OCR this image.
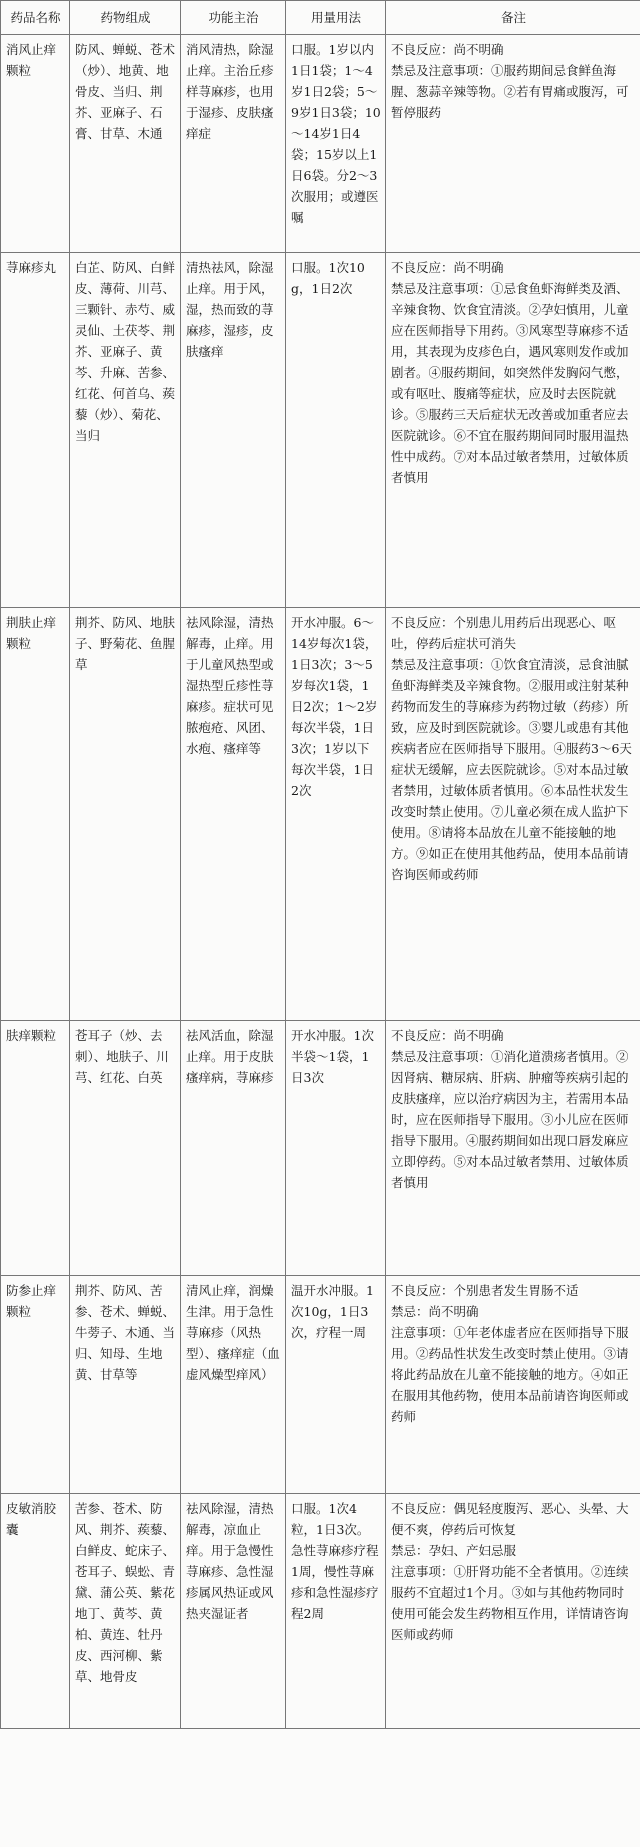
药品名称	药物组成	功能主治	用量用法	备注
消风止痒颗粒	防风、蝉蜕、苍术（炒）、地黄、地骨皮、当归、荆芥、亚麻子、石膏、甘草、木通	消风清热，除湿止痒。主治丘疹样荨麻疹，也用于湿疹、皮肤瘙痒症	口服。1岁以内1日1袋；1～4岁1日2袋；5～9岁1日3袋；10～14岁1日4袋；15岁以上1日6袋。分2～3次服用；或遵医嘱	不良反应：尚不明确
禁忌及注意事项：①服药期间忌食鲜鱼海腥、葱蒜辛辣等物。②若有胃痛或腹泻，可暂停服药
荨麻疹丸	白芷、防风、白鲜皮、薄荷、川芎、三颗针、赤芍、威灵仙、土茯苓、荆芥、亚麻子、黄芩、升麻、苦参、红花、何首乌、蒺藜（炒）、菊花、当归	清热祛风，除湿止痒。用于风，湿，热而致的荨麻疹，湿疹，皮肤瘙痒	口服。1次10g，1日2次	不良反应：尚不明确
禁忌及注意事项：①忌食鱼虾海鲜类及酒、辛辣食物、饮食宜清淡。②孕妇慎用，儿童应在医师指导下用药。③风寒型荨麻疹不适用，其表现为皮疹色白，遇风寒则发作或加剧者。④服药期间，如突然伴发胸闷气憋，或有呕吐、腹痛等症状，应及时去医院就诊。⑤服药三天后症状无改善或加重者应去医院就诊。⑥不宜在服药期间同时服用温热性中成药。⑦对本品过敏者禁用，过敏体质者慎用
荆肤止痒颗粒	荆芥、防风、地肤子、野菊花、鱼腥草	祛风除湿，清热解毒，止痒。用于儿童风热型或湿热型丘疹性荨麻疹。症状可见脓疱疮、风团、水疱、瘙痒等	开水冲服。6～14岁每次1袋，1日3次；3～5岁每次1袋，1日2次；1～2岁每次半袋，1日3次；1岁以下每次半袋，1日2次	不良反应：个别患儿用药后出现恶心、呕吐，停药后症状可消失
禁忌及注意事项：①饮食宜清淡，忌食油腻鱼虾海鲜类及辛辣食物。②服用或注射某种药物而发生的荨麻疹为药物过敏（药疹）所致，应及时到医院就诊。③婴儿或患有其他疾病者应在医师指导下服用。④服药3～6天症状无缓解，应去医院就诊。⑤对本品过敏者禁用，过敏体质者慎用。⑥本品性状发生改变时禁止使用。⑦儿童必须在成人监护下使用。⑧请将本品放在儿童不能接触的地方。⑨如正在使用其他药品，使用本品前请咨询医师或药师
肤痒颗粒	苍耳子（炒、去刺）、地肤子、川芎、红花、白英	祛风活血，除湿止痒。用于皮肤瘙痒病，荨麻疹	开水冲服。1次半袋～1袋，1日3次	不良反应：尚不明确
禁忌及注意事项：①消化道溃疡者慎用。②因肾病、糖尿病、肝病、肿瘤等疾病引起的皮肤瘙痒，应以治疗病因为主，若需用本品时，应在医师指导下服用。③小儿应在医师指导下服用。④服药期间如出现口唇发麻应立即停药。⑤对本品过敏者禁用、过敏体质者慎用
防参止痒颗粒	荆芥、防风、苦参、苍术、蝉蜕、牛蒡子、木通、当归、知母、生地黄、甘草等	清风止痒，润燥生津。用于急性荨麻疹（风热型）、瘙痒症（血虚风燥型痒风）	温开水冲服。1次10g，1日3次，疗程一周	不良反应：个别患者发生胃肠不适
禁忌：尚不明确
注意事项：①年老体虚者应在医师指导下服用。②药品性状发生改变时禁止使用。③请将此药品放在儿童不能接触的地方。④如正在服用其他药物，使用本品前请咨询医师或药师
皮敏消胶囊	苦参、苍术、防风、荆芥、蒺藜、白鲜皮、蛇床子、苍耳子、蜈蚣、青黛、蒲公英、紫花地丁、黄芩、黄柏、黄连、牡丹皮、西河柳、紫草、地骨皮	祛风除湿，清热解毒，凉血止痒。用于急慢性荨麻疹、急性湿疹属风热证或风热夹湿证者	口服。1次4粒，1日3次。急性荨麻疹疗程1周，慢性荨麻疹和急性湿疹疗程2周	不良反应：偶见轻度腹泻、恶心、头晕、大便不爽，停药后可恢复
禁忌：孕妇、产妇忌服
注意事项：①肝肾功能不全者慎用。②连续服药不宜超过1个月。③如与其他药物同时使用可能会发生药物相互作用，详情请咨询医师或药师
